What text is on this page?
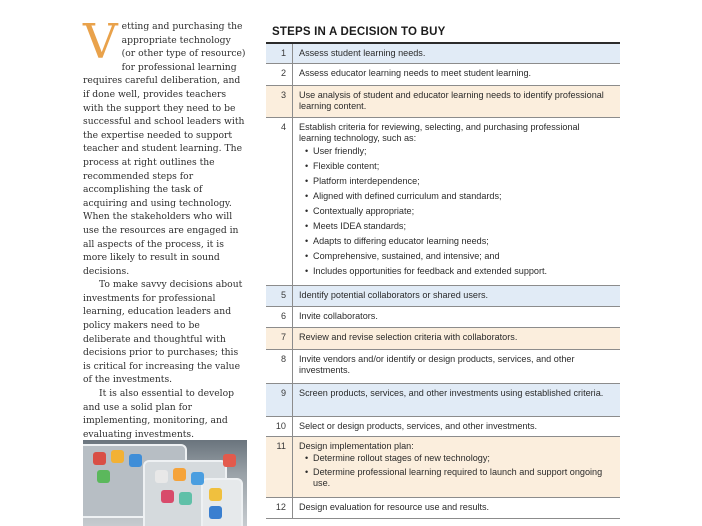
Vetting and purchasing the appropriate technology (or other type of resource) for professional learning requires careful deliberation, and if done well, provides teachers with the support they need to be successful and school leaders with the expertise needed to support teacher and student learning. The process at right outlines the recommended steps for accomplishing the task of acquiring and using technology. When the stakeholders who will use the resources are engaged in all aspects of the process, it is more likely to result in sound decisions.

To make savvy decisions about investments for professional learning, education leaders and policy makers need to be deliberate and thoughtful with decisions prior to purchases; this is critical for increasing the value of the investments.

It is also essential to develop and use a solid plan for implementing, monitoring, and evaluating investments.

STEPS IN A DECISION TO BUY
1	Assess student learning needs.
2	Assess educator learning needs to meet student learning.
3	Use analysis of student and educator learning needs to identify professional learning content.
4	Establish criteria for reviewing, selecting, and purchasing professional learning technology, such as:
• User friendly;
• Flexible content;
• Platform interdependence;
• Aligned with defined curriculum and standards;
• Contextually appropriate;
• Meets IDEA standards;
• Adapts to differing educator learning needs;
• Comprehensive, sustained, and intensive; and
• Includes opportunities for feedback and extended support.
5	Identify potential collaborators or shared users.
6	Invite collaborators.
7	Review and revise selection criteria with collaborators.
8	Invite vendors and/or identify or design products, services, and other investments.
9	Screen products, services, and other investments using established criteria.
10	Select or design products, services, and other investments.
11	Design implementation plan:
• Determine rollout stages of new technology;
• Determine professional learning required to launch and support ongoing use.
12	Design evaluation for resource use and results.
